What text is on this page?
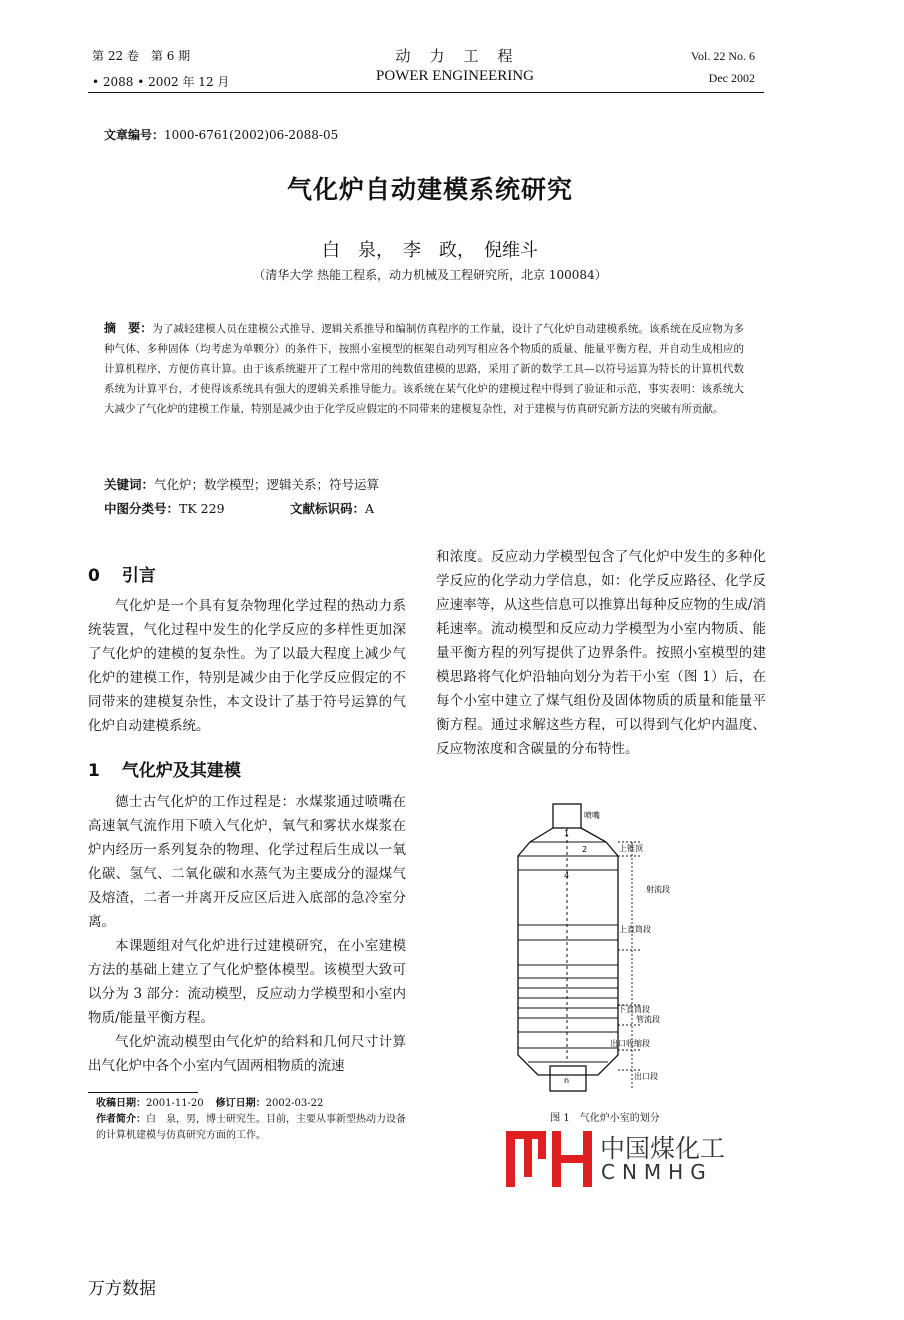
第 22 卷　第 6 期
• 2088 • 2002 年 12 月
动　力　工　程
POWER ENGINEERING
Vol. 22 No. 6
Dec 2002
文章编号：1000-6761(2002)06-2088-05
气化炉自动建模系统研究
白　泉，　李　政，　倪维斗
（清华大学 热能工程系，动力机械及工程研究所，北京 100084）

摘　要：为了减轻建模人员在建模公式推导、逻辑关系推导和编制仿真程序的工作量，设计了气化炉自动建模系统。该系统在反应物为多种气体、多种固体（均考虑为单颗分）的条件下，按照小室模型的框架自动列写相应各个物质的质量、能量平衡方程，并自动生成相应的计算机程序，方便仿真计算。由于该系统避开了工程中常用的纯数值建模的思路，采用了新的数学工具—以符号运算为特长的计算机代数系统为计算平台，才使得该系统具有强大的逻辑关系推导能力。该系统在某气化炉的建模过程中得到了验证和示范，事实表明：该系统大大减少了气化炉的建模工作量，特别是减少由于化学反应假定的不同带来的建模复杂性，对于建模与仿真研究新方法的突破有所贡献。

关键词：气化炉；数学模型；逻辑关系；符号运算
中图分类号：TK 229	文献标识码：A
0 引言

气化炉是一个具有复杂物理化学过程的热动力系统装置，气化过程中发生的化学反应的多样性更加深了气化炉的建模的复杂性。为了以最大程度上减少气化炉的建模工作，特别是减少由于化学反应假定的不同带来的建模复杂性，本文设计了基于符号运算的气化炉自动建模系统。

1 气化炉及其建模

德士古气化炉的工作过程是：水煤浆通过喷嘴在高速氧气流作用下喷入气化炉，氧气和雾状水煤浆在炉内经历一系列复杂的物理、化学过程后生成以一氧化碳、氢气、二氧化碳和水蒸气为主要成分的湿煤气及熔渣，二者一并离开反应区后进入底部的急冷室分离。

本课题组对气化炉进行过建模研究，在小室建模方法的基础上建立了气化炉整体模型。该模型大致可以分为 3 部分：流动模型，反应动力学模型和小室内物质/能量平衡方程。

气化炉流动模型由气化炉的给料和几何尺寸计算出气化炉中各个小室内气固两相物质的流速

收稿日期：2001-11-20 修订日期：2002-03-22
作者简介：白　泉，男，博士研究生。目前，主要从事新型热动力设备的计算机建模与仿真研究方面的工作。

和浓度。反应动力学模型包含了气化炉中发生的多种化学反应的化学动力学信息，如：化学反应路径、化学反应速率等，从这些信息可以推算出每种反应物的生成/消耗速率。流动模型和反应动力学模型为小室内物质、能量平衡方程的列写提供了边界条件。按照小室模型的建模思路将气化炉沿轴向划分为若干小室（图 1）后，在每个小室中建立了煤气组份及固体物质的质量和能量平衡方程。通过求解这些方程，可以得到气化炉内温度、反应物浓度和含碳量的分布特性。

喷嘴
1
2
4
n
上锥顶
射流段
上直筒段
下直筒段
管流段
出口收缩段
出口段
图 1　气化炉小室的划分
中国煤化工
CNMHG
万方数据
